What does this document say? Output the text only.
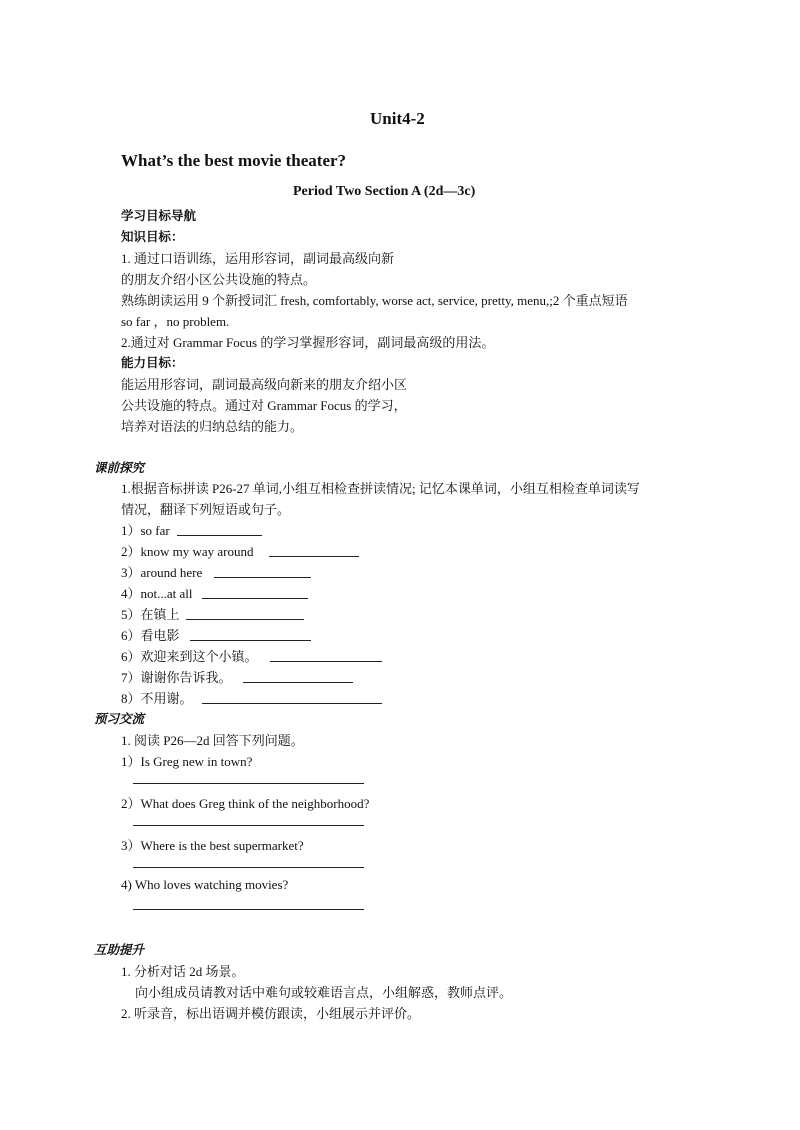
Unit4-2
What’s the best movie theater?
Period Two Section A (2d—3c)
学习目标导航
知识目标：
1. 通过口语训练，运用形容词，副词最高级向新
的朋友介绍小区公共设施的特点。
熟练朗读运用 9 个新授词汇 fresh, comfortably, worse act, service, pretty, menu,;2 个重点短语
so far ，no problem.
2.通过对 Grammar Focus 的学习掌握形容词，副词最高级的用法。
能力目标：
能运用形容词，副词最高级向新来的朋友介绍小区
公共设施的特点。通过对 Grammar Focus 的学习，
培养对语法的归纳总结的能力。
课前探究
1.根据音标拼读 P26-27 单词,小组互相检查拼读情况; 记忆本课单词，小组互相检查单词读写
情况，翻译下列短语或句子。
1）so far
2）know my way around
3）around here
4）not...at all
5）在镇上
6）看电影
6）欢迎来到这个小镇。
7）谢谢你告诉我。
8）不用谢。
预习交流
1. 阅读 P26—2d 回答下列问题。
1）Is Greg new in town?
2）What does Greg think of the neighborhood?
3）Where is the best supermarket?
4) Who loves watching movies?
互助提升
1. 分析对话 2d 场景。
向小组成员请教对话中难句或较难语言点，小组解惑，教师点评。
2. 听录音，标出语调并模仿跟读，小组展示并评价。
